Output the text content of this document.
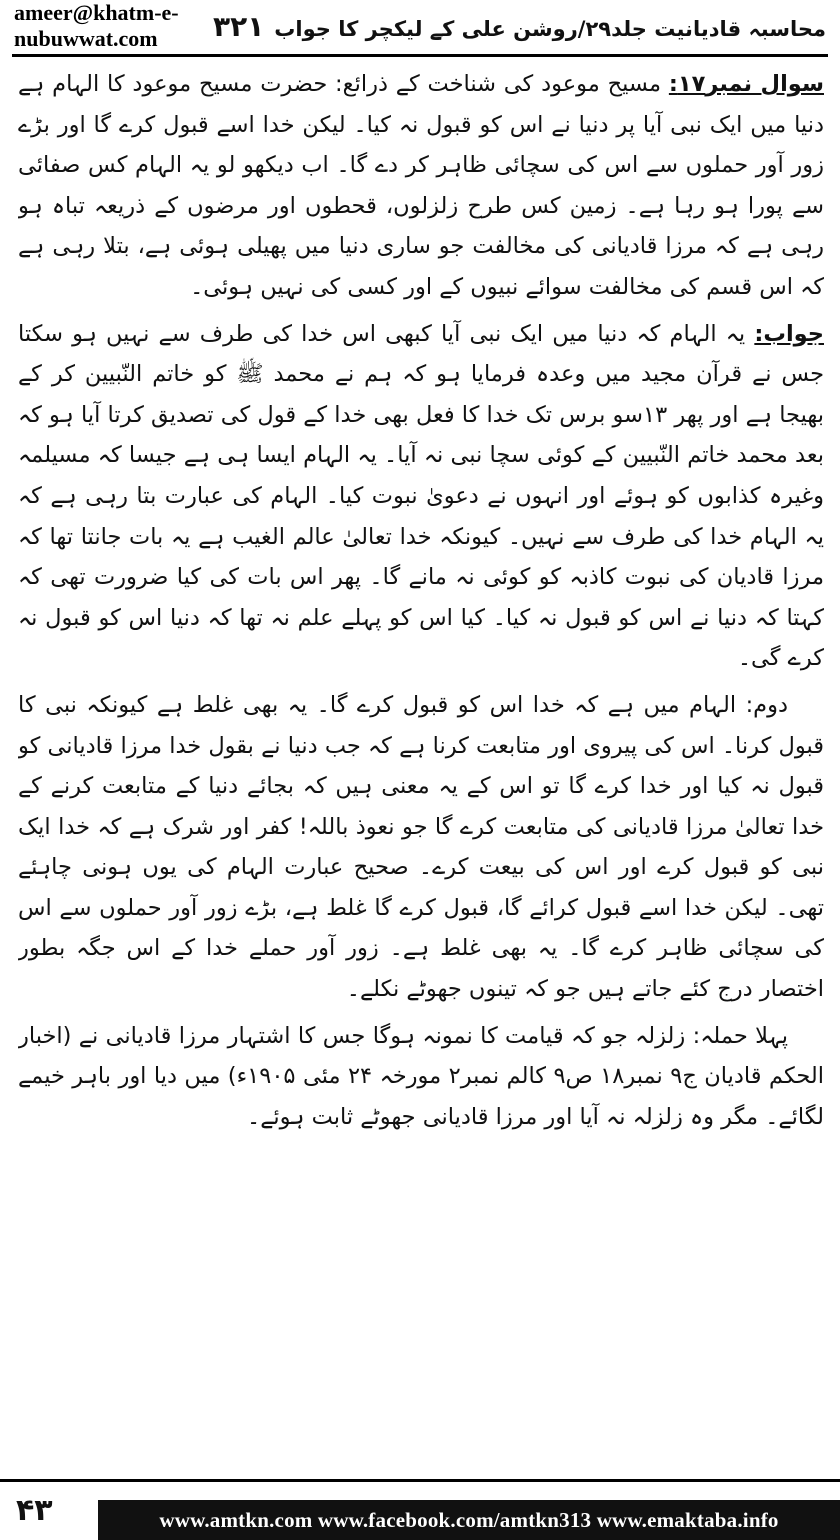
ameer@khatm-e-nubuwwat.com	محاسبہ قادیانیت جلد۲۹/روشن علی کے لیکچر کا جواب۳۲۱

سوال نمبر۱۷: مسیح موعود کی شناخت کے ذرائع: حضرت مسیح موعود کا الہام ہے دنیا میں ایک نبی آیا پر دنیا نے اس کو قبول نہ کیا۔ لیکن خدا اسے قبول کرے گا اور بڑے زور آور حملوں سے اس کی سچائی ظاہر کر دے گا۔ اب دیکھو لو یہ الہام کس صفائی سے پورا ہو رہا ہے۔ زمین کس طرح زلزلوں، قحطوں اور مرضوں کے ذریعہ تباہ ہو رہی ہے کہ مرزا قادیانی کی مخالفت جو ساری دنیا میں پھیلی ہوئی ہے، بتلا رہی ہے کہ اس قسم کی مخالفت سوائے نبیوں کے اور کسی کی نہیں ہوئی۔

جواب: یہ الہام کہ دنیا میں ایک نبی آیا کبھی اس خدا کی طرف سے نہیں ہو سکتا جس نے قرآن مجید میں وعدہ فرمایا ہو کہ ہم نے محمد ﷺ کو خاتم النّبیین کر کے بھیجا ہے اور پھر ۱۳سو برس تک خدا کا فعل بھی خدا کے قول کی تصدیق کرتا آیا ہو کہ بعد محمد خاتم النّبیین کے کوئی سچا نبی نہ آیا۔ یہ الہام ایسا ہی ہے جیسا کہ مسیلمہ وغیرہ کذابوں کو ہوئے اور انہوں نے دعویٰ نبوت کیا۔ الہام کی عبارت بتا رہی ہے کہ یہ الہام خدا کی طرف سے نہیں۔ کیونکہ خدا تعالیٰ عالم الغیب ہے یہ بات جانتا تھا کہ مرزا قادیان کی نبوت کاذبہ کو کوئی نہ مانے گا۔ پھر اس بات کی کیا ضرورت تھی کہ کہتا کہ دنیا نے اس کو قبول نہ کیا۔ کیا اس کو پہلے علم نہ تھا کہ دنیا اس کو قبول نہ کرے گی۔

دوم: الہام میں ہے کہ خدا اس کو قبول کرے گا۔ یہ بھی غلط ہے کیونکہ نبی کا قبول کرنا۔ اس کی پیروی اور متابعت کرنا ہے کہ جب دنیا نے بقول خدا مرزا قادیانی کو قبول نہ کیا اور خدا کرے گا تو اس کے یہ معنی ہیں کہ بجائے دنیا کے متابعت کرنے کے خدا تعالیٰ مرزا قادیانی کی متابعت کرے گا جو نعوذ باللہ! کفر اور شرک ہے کہ خدا ایک نبی کو قبول کرے اور اس کی بیعت کرے۔ صحیح عبارت الہام کی یوں ہونی چاہئے تھی۔ لیکن خدا اسے قبول کرائے گا، قبول کرے گا غلط ہے، بڑے زور آور حملوں سے اس کی سچائی ظاہر کرے گا۔ یہ بھی غلط ہے۔ زور آور حملے خدا کے اس جگہ بطور اختصار درج کئے جاتے ہیں جو کہ تینوں جھوٹے نکلے۔

پہلا حملہ: زلزلہ جو کہ قیامت کا نمونہ ہوگا جس کا اشتہار مرزا قادیانی نے (اخبار الحکم قادیان ج۹ نمبر۱۸ ص۹ کالم نمبر۲ مورخہ ۲۴ مئی ۱۹۰۵ء) میں دیا اور باہر خیمے لگائے۔ مگر وہ زلزلہ نہ آیا اور مرزا قادیانی جھوٹے ثابت ہوئے۔

۴۳	www.amtkn.com www.facebook.com/amtkn313 www.emaktaba.info
